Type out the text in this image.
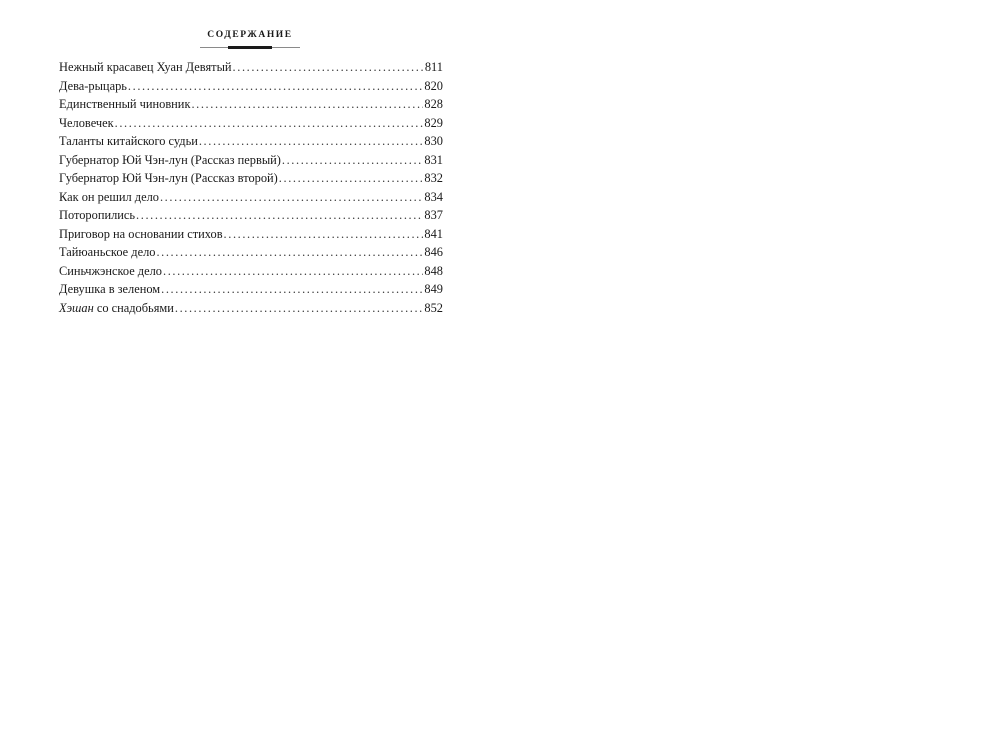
СОДЕРЖАНИЕ
Нежный красавец Хуан Девятый .....	811
Дева-рыцарь .....	820
Единственный чиновник .....	828
Человечек .....	829
Таланты китайского судьи .....	830
Губернатор Юй Чэн-лун (Рассказ первый) .....	831
Губернатор Юй Чэн-лун (Рассказ второй) .....	832
Как он решил дело .....	834
Поторопились .....	837
Приговор на основании стихов .....	841
Тайюаньское дело .....	846
Синьчжэнское дело .....	848
Девушка в зеленом .....	849
Хэшан со снадобьями .....	852
